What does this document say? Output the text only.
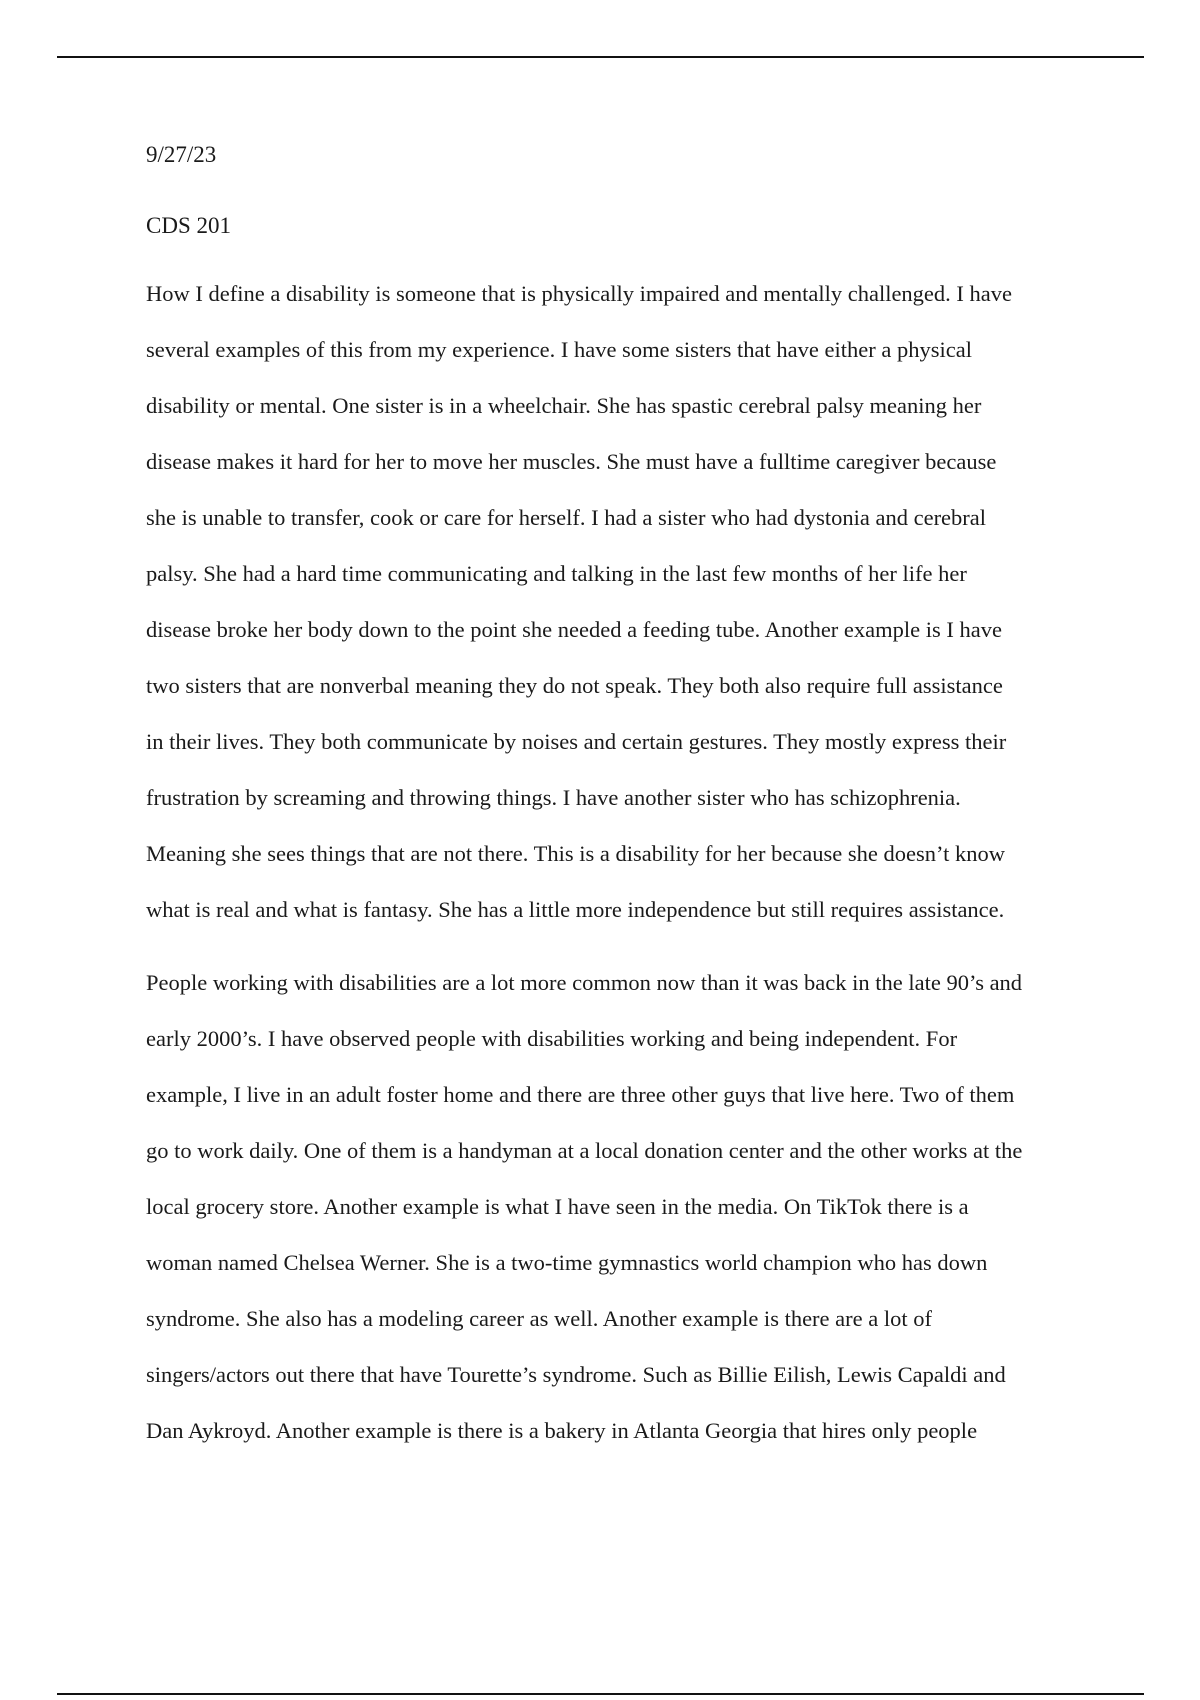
9/27/23

CDS 201

How I define a disability is someone that is physically impaired and mentally challenged. I have
several examples of this from my experience. I have some sisters that have either a physical
disability or mental. One sister is in a wheelchair. She has spastic cerebral palsy meaning her
disease makes it hard for her to move her muscles. She must have a fulltime caregiver because
she is unable to transfer, cook or care for herself. I had a sister who had dystonia and cerebral
palsy. She had a hard time communicating and talking in the last few months of her life her
disease broke her body down to the point she needed a feeding tube. Another example is I have
two sisters that are nonverbal meaning they do not speak. They both also require full assistance
in their lives. They both communicate by noises and certain gestures. They mostly express their
frustration by screaming and throwing things. I have another sister who has schizophrenia.
Meaning she sees things that are not there. This is a disability for her because she doesn’t know
what is real and what is fantasy. She has a little more independence but still requires assistance.
People working with disabilities are a lot more common now than it was back in the late 90’s and
early 2000’s. I have observed people with disabilities working and being independent. For
example, I live in an adult foster home and there are three other guys that live here. Two of them
go to work daily. One of them is a handyman at a local donation center and the other works at the
local grocery store. Another example is what I have seen in the media. On TikTok there is a
woman named Chelsea Werner. She is a two-time gymnastics world champion who has down
syndrome. She also has a modeling career as well. Another example is there are a lot of
singers/actors out there that have Tourette’s syndrome. Such as Billie Eilish, Lewis Capaldi and
Dan Aykroyd. Another example is there is a bakery in Atlanta Georgia that hires only people
